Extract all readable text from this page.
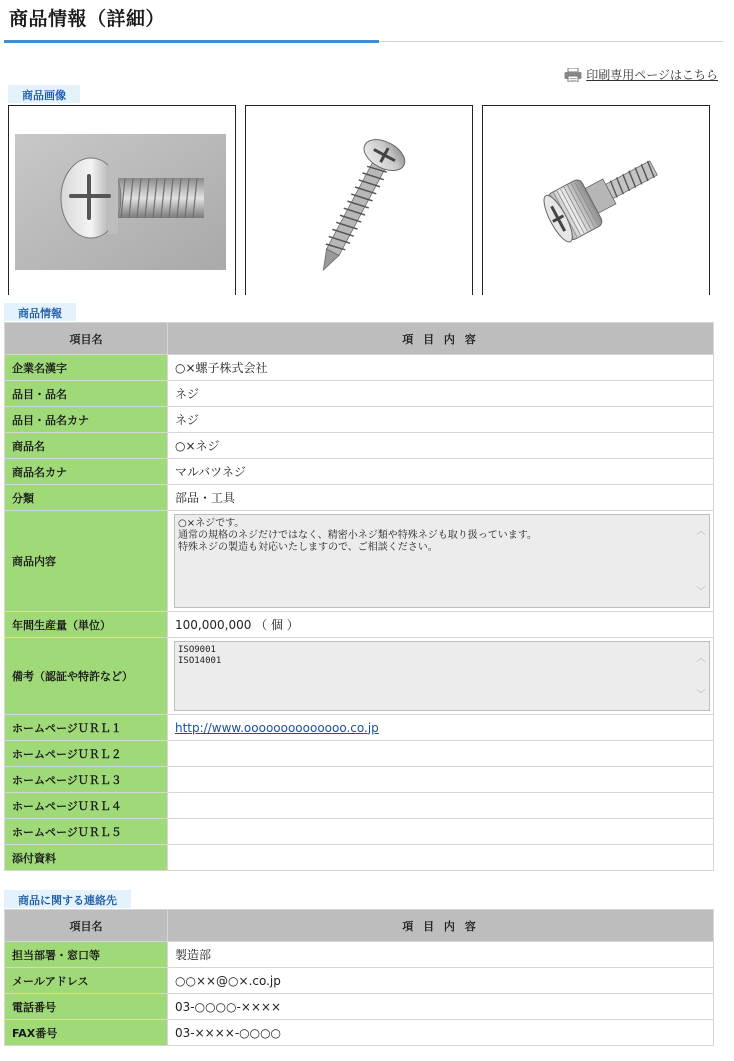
商品情報（詳細）
印刷専用ページはこちら
商品画像
商品情報
項目名	項 目 内 容
企業名漢字	○×螺子株式会社
品目・品名	ネジ
品目・品名カナ	ネジ
商品名	○×ネジ
商品名カナ	マルバツネジ
分類	部品・工具
商品内容	○×ネジです。
通常の規格のネジだけではなく、精密小ネジ類や特殊ネジも取り扱っています。
特殊ネジの製造も対応いたしますので、ご相談ください。
︿
﹀

年間生産量（単位）	100,000,000 （ 個 ）
備考（認証や特許など）	ISO9001
ISO14001 ︿
﹀

ホームページＵＲＬ１	http://www.oooooooooooooo.co.jp
ホームページＵＲＬ２	
ホームページＵＲＬ３	
ホームページＵＲＬ４	
ホームページＵＲＬ５	
添付資料	
商品に関する連絡先
項目名	項 目 内 容
担当部署・窓口等	製造部
メールアドレス	○○××@○×.co.jp
電話番号	03-○○○○-××××
FAX番号	03-××××-○○○○
